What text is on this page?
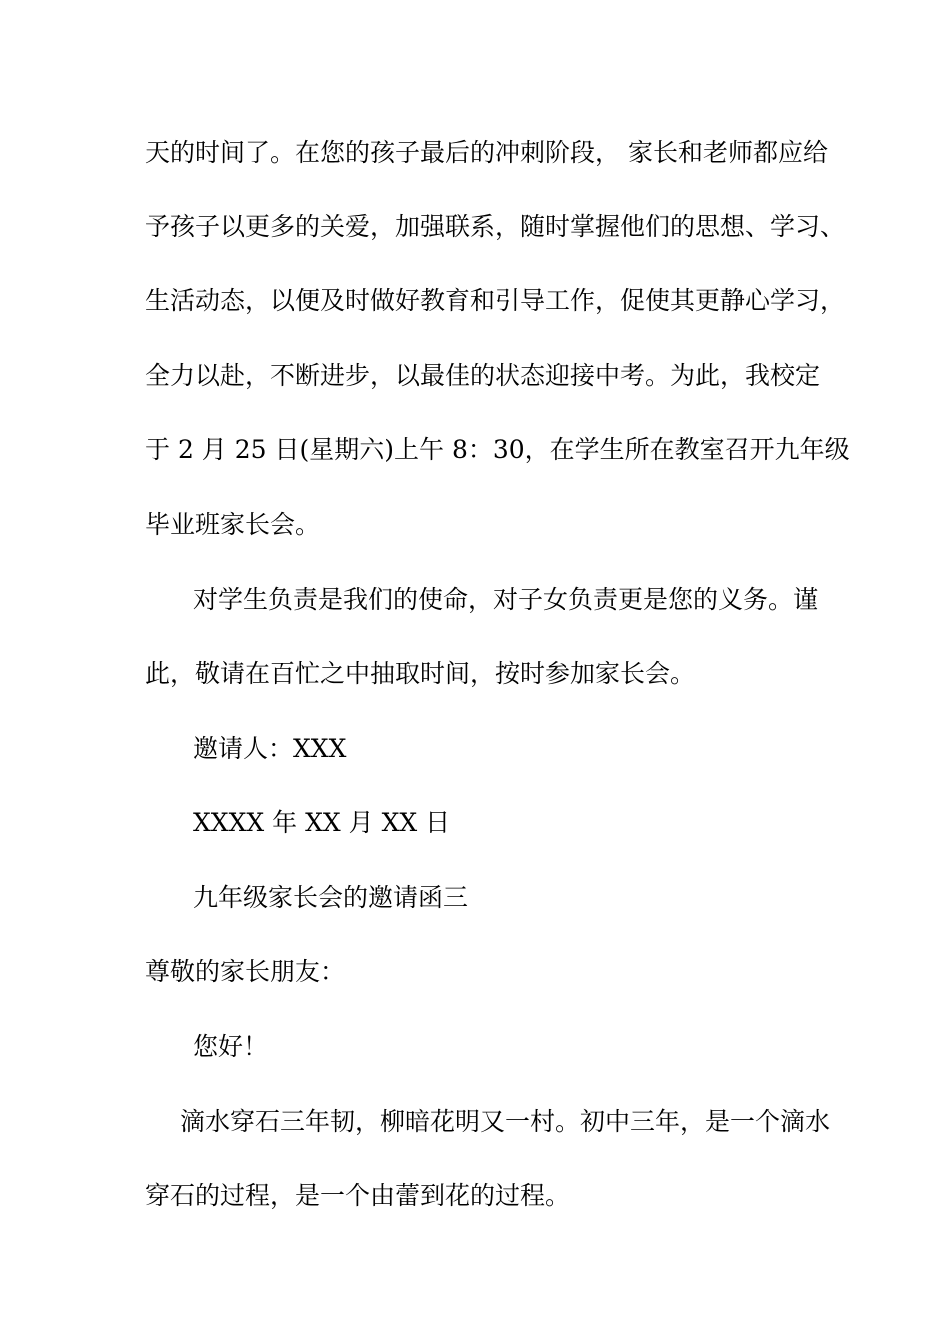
天的时间了。在您的孩子最后的冲刺阶段， 家长和老师都应给
予孩子以更多的关爱，加强联系，随时掌握他们的思想、学习、
生活动态，以便及时做好教育和引导工作，促使其更静心学习，
全力以赴，不断进步，以最佳的状态迎接中考。为此，我校定
于 2 月 25 日(星期六)上午 8：30，在学生所在教室召开九年级
毕业班家长会。
对学生负责是我们的使命，对子女负责更是您的义务。谨
此，敬请在百忙之中抽取时间，按时参加家长会。
邀请人：XXX
XXXX 年 XX 月 XX 日
九年级家长会的邀请函三
尊敬的家长朋友：
您好！
滴水穿石三年韧，柳暗花明又一村。初中三年，是一个滴水
穿石的过程，是一个由蕾到花的过程。
